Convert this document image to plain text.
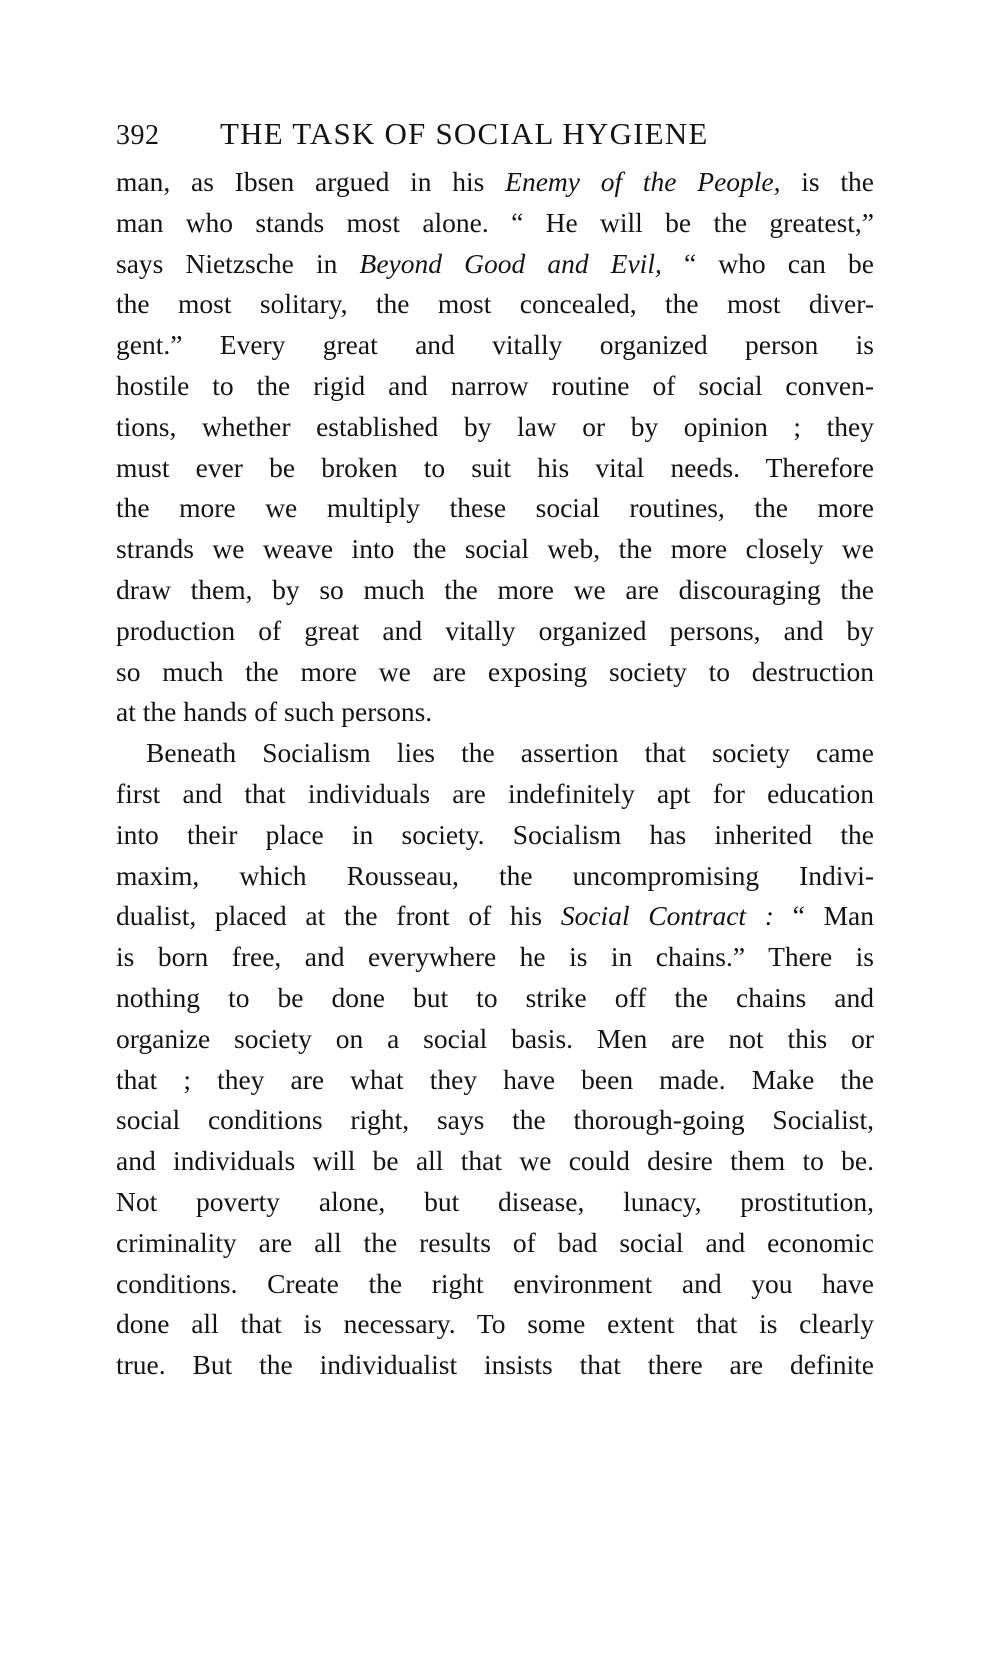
392 THE TASK OF SOCIAL HYGIENE
man, as Ibsen argued in his Enemy of the People, is the
man who stands most alone. “ He will be the greatest,”
says Nietzsche in Beyond Good and Evil, “ who can be
the most solitary, the most concealed, the most diver-
gent.” Every great and vitally organized person is
hostile to the rigid and narrow routine of social conven-
tions, whether established by law or by opinion ; they
must ever be broken to suit his vital needs. Therefore
the more we multiply these social routines, the more
strands we weave into the social web, the more closely we
draw them, by so much the more we are discouraging the
production of great and vitally organized persons, and by
so much the more we are exposing society to destruction
at the hands of such persons.
Beneath Socialism lies the assertion that society came
first and that individuals are indefinitely apt for education
into their place in society. Socialism has inherited the
maxim, which Rousseau, the uncompromising Indivi-
dualist, placed at the front of his Social Contract : “ Man
is born free, and everywhere he is in chains.” There is
nothing to be done but to strike off the chains and
organize society on a social basis. Men are not this or
that ; they are what they have been made. Make the
social conditions right, says the thorough-going Socialist,
and individuals will be all that we could desire them to be.
Not poverty alone, but disease, lunacy, prostitution,
criminality are all the results of bad social and economic
conditions. Create the right environment and you have
done all that is necessary. To some extent that is clearly
true. But the individualist insists that there are definite
